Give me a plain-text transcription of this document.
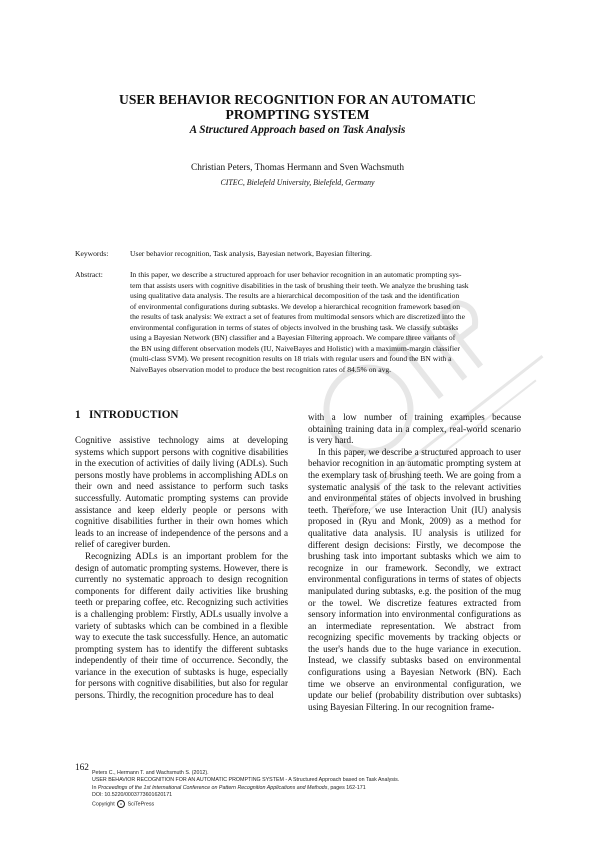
USER BEHAVIOR RECOGNITION FOR AN AUTOMATIC
PROMPTING SYSTEM
A Structured Approach based on Task Analysis
Christian Peters, Thomas Hermann and Sven Wachsmuth
CITEC, Bielefeld University, Bielefeld, Germany
Keywords:	User behavior recognition, Task analysis, Bayesian network, Bayesian filtering.
Abstract:	In this paper, we describe a structured approach for user behavior recognition in an automatic prompting sys-
tem that assists users with cognitive disabilities in the task of brushing their teeth. We analyze the brushing task
using qualitative data analysis. The results are a hierarchical decomposition of the task and the identification
of environmental configurations during subtasks. We develop a hierarchical recognition framework based on
the results of task analysis: We extract a set of features from multimodal sensors which are discretized into the
environmental configuration in terms of states of objects involved in the brushing task. We classify subtasks
using a Bayesian Network (BN) classifier and a Bayesian Filtering approach. We compare three variants of
the BN using different observation models (IU, NaiveBayes and Holistic) with a maximum-margin classifier
(multi-class SVM). We present recognition results on 18 trials with regular users and found the BN with a
NaiveBayes observation model to produce the best recognition rates of 84.5% on avg.
1 INTRODUCTION

Cognitive assistive technology aims at developing systems which support persons with cognitive disabilities in the execution of activities of daily living (ADLs). Such persons mostly have problems in accomplishing ADLs on their own and need assistance to perform such tasks successfully. Automatic prompting systems can provide assistance and keep elderly people or persons with cognitive disabilities further in their own homes which leads to an increase of independence of the persons and a relief of caregiver burden.

Recognizing ADLs is an important problem for the design of automatic prompting systems. However, there is currently no systematic approach to design recognition components for different daily activities like brushing teeth or preparing coffee, etc. Recognizing such activities is a challenging problem: Firstly, ADLs usually involve a variety of subtasks which can be combined in a flexible way to execute the task successfully. Hence, an automatic prompting system has to identify the different subtasks independently of their time of occurrence. Secondly, the variance in the execution of subtasks is huge, especially for persons with cognitive disabilities, but also for regular persons. Thirdly, the recognition procedure has to deal

with a low number of training examples because obtaining training data in a complex, real-world scenario is very hard.

In this paper, we describe a structured approach to user behavior recognition in an automatic prompting system at the exemplary task of brushing teeth. We are going from a systematic analysis of the task to the relevant activities and environmental states of objects involved in brushing teeth. Therefore, we use Interaction Unit (IU) analysis proposed in (Ryu and Monk, 2009) as a method for qualitative data analysis. IU analysis is utilized for different design decisions: Firstly, we decompose the brushing task into important subtasks which we aim to recognize in our framework. Secondly, we extract environmental configurations in terms of states of objects manipulated during subtasks, e.g. the position of the mug or the towel. We discretize features extracted from sensory information into environmental configurations as an intermediate representation. We abstract from recognizing specific movements by tracking objects or the user's hands due to the huge variance in execution. Instead, we classify subtasks based on environmental configurations using a Bayesian Network (BN). Each time we observe an environmental configuration, we update our belief (probability distribution over subtasks) using Bayesian Filtering. In our recognition frame-

162 Peters C., Hermann T. and Wachsmuth S. (2012).
USER BEHAVIOR RECOGNITION FOR AN AUTOMATIC PROMPTING SYSTEM - A Structured Approach based on Task Analysis.
In Proceedings of the 1st International Conference on Pattern Recognition Applications and Methods, pages 162-171
DOI: 10.5220/0003773601620171
Copyright c SciTePress
